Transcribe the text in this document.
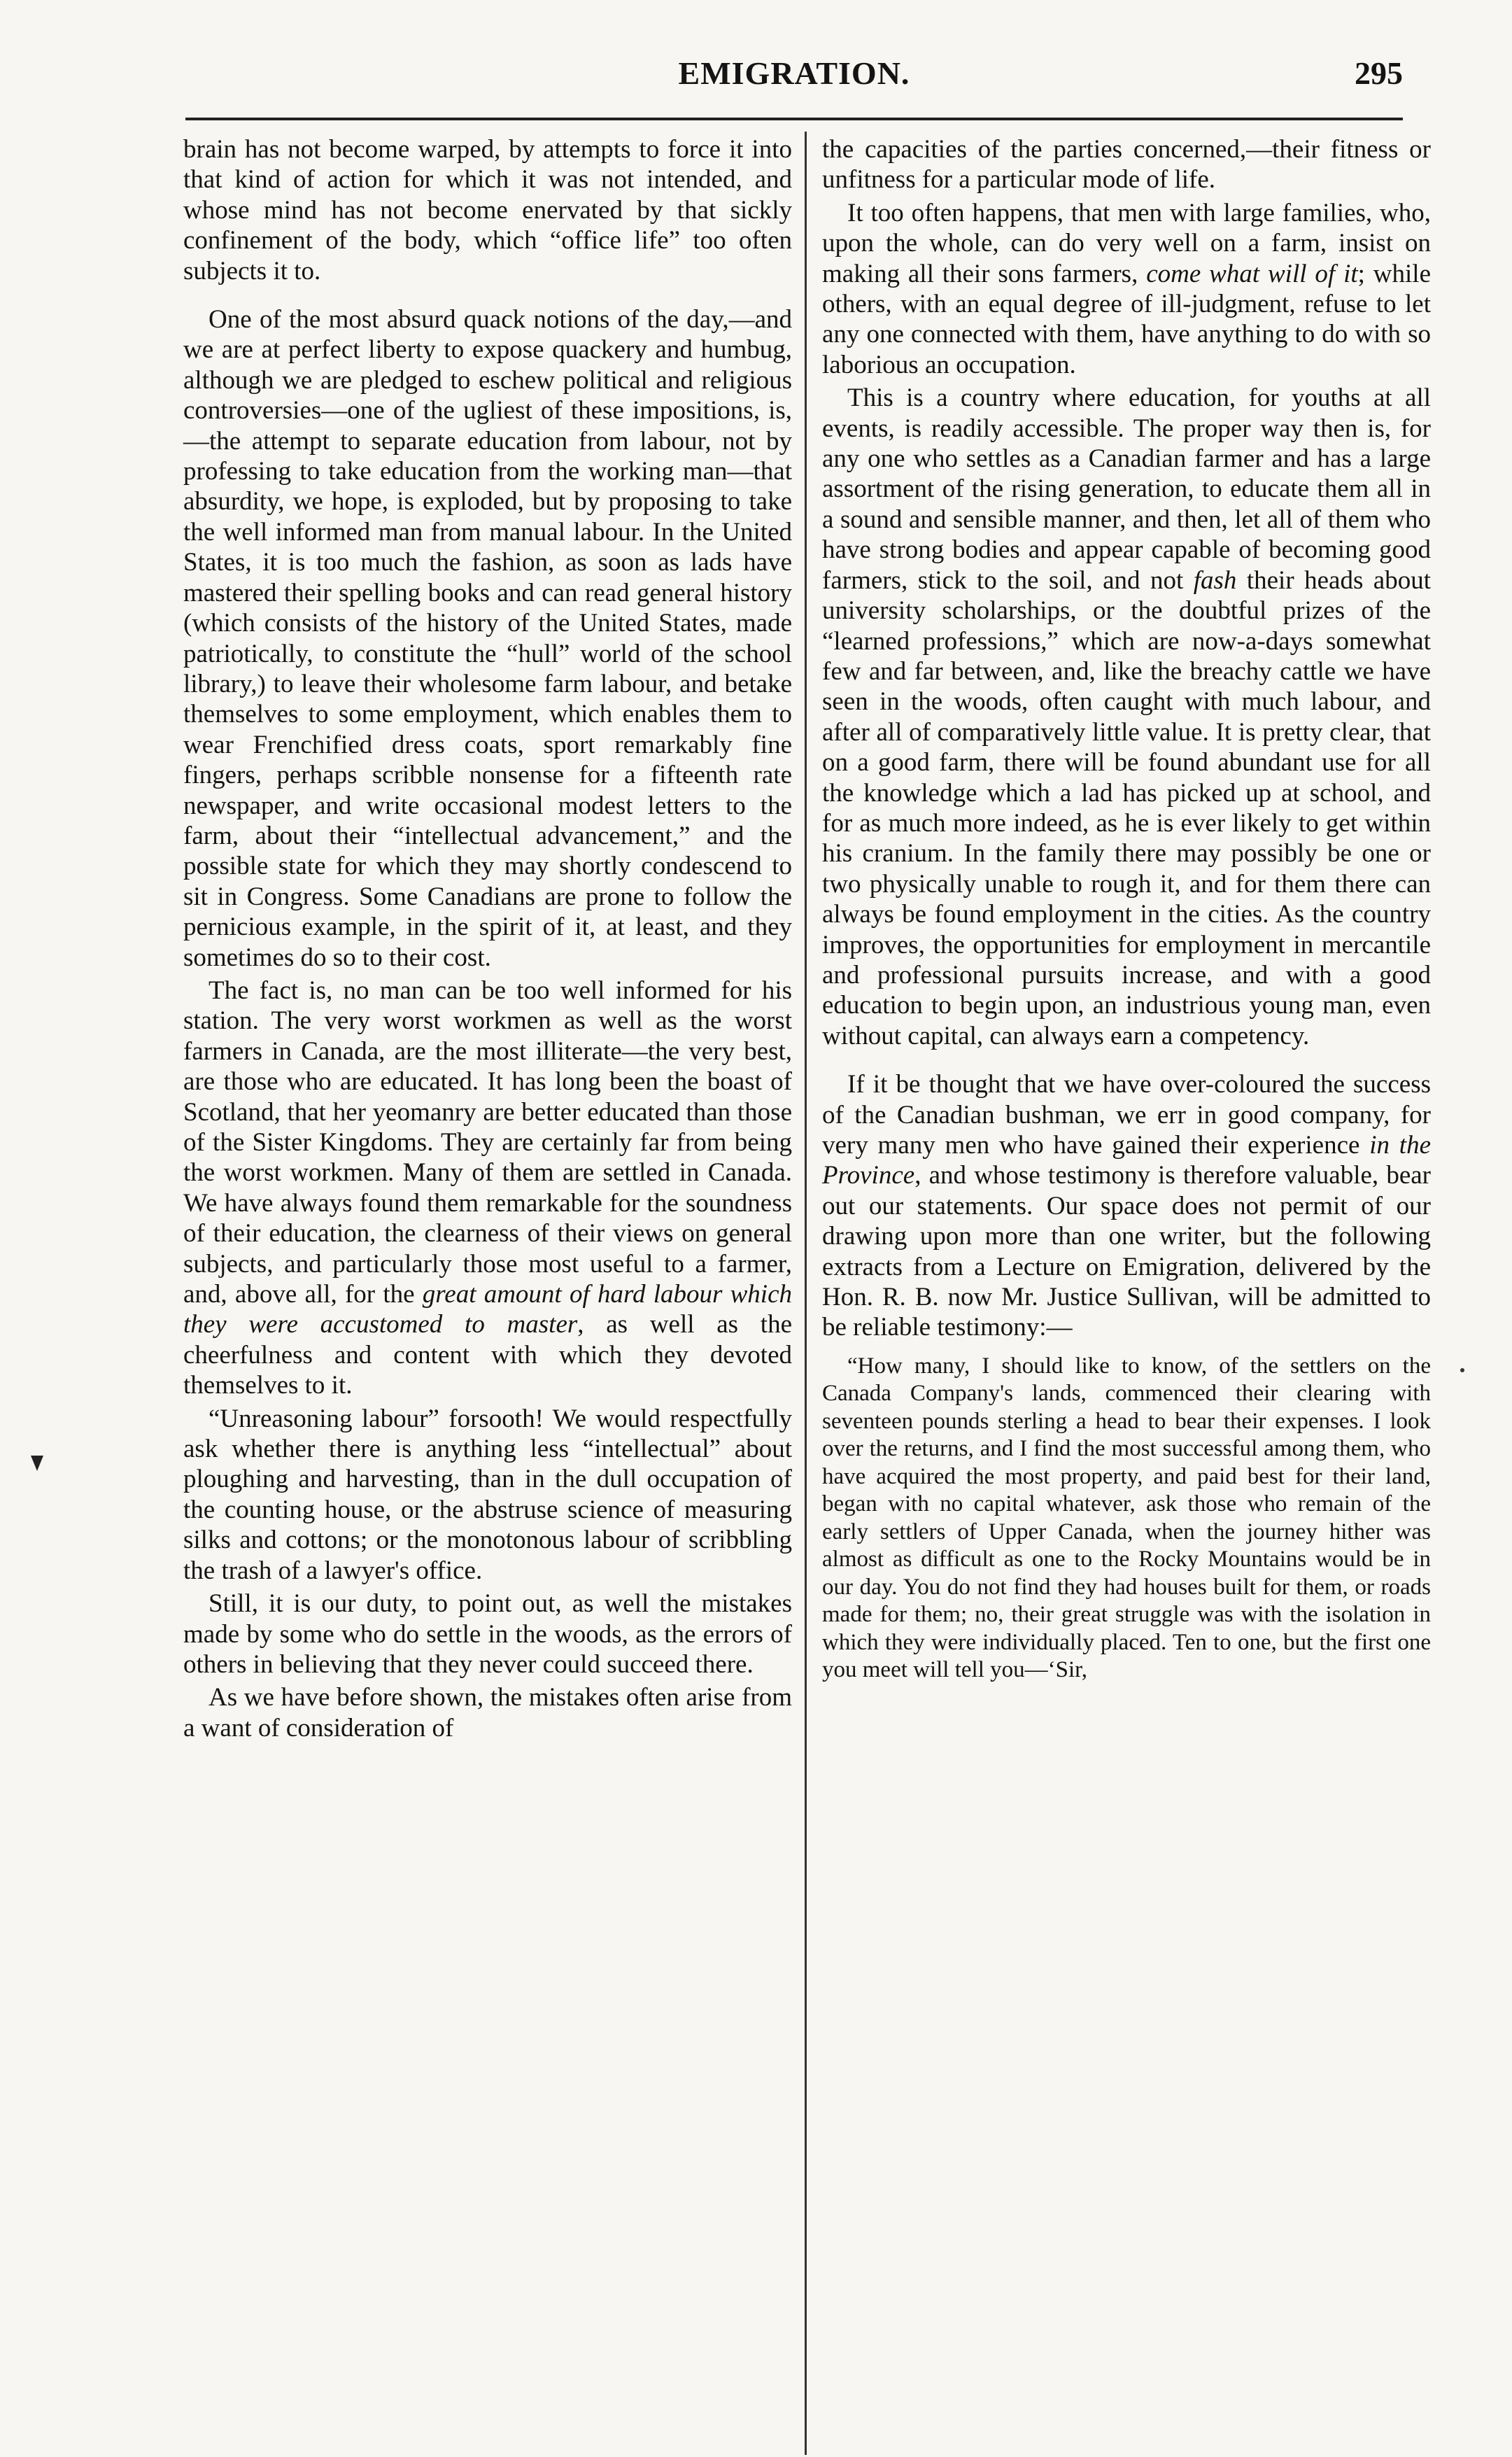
EMIGRATION.	295

brain has not become warped, by attempts to force it into that kind of action for which it was not intended, and whose mind has not become enervated by that sickly confinement of the body, which “office life” too often subjects it to.

One of the most absurd quack notions of the day,—and we are at perfect liberty to expose quackery and humbug, although we are pledged to eschew political and religious controversies—one of the ugliest of these impositions, is,—the attempt to separate education from labour, not by professing to take education from the working man—that absurdity, we hope, is exploded, but by proposing to take the well informed man from manual labour. In the United States, it is too much the fashion, as soon as lads have mastered their spelling books and can read general history (which consists of the history of the United States, made patriotically, to constitute the “hull” world of the school library,) to leave their wholesome farm labour, and betake themselves to some employment, which enables them to wear Frenchified dress coats, sport remarkably fine fingers, perhaps scribble nonsense for a fifteenth rate newspaper, and write occasional modest letters to the farm, about their “intellectual advancement,” and the possible state for which they may shortly condescend to sit in Congress. Some Canadians are prone to follow the pernicious example, in the spirit of it, at least, and they sometimes do so to their cost.

The fact is, no man can be too well informed for his station. The very worst workmen as well as the worst farmers in Canada, are the most illiterate—the very best, are those who are educated. It has long been the boast of Scotland, that her yeomanry are better educated than those of the Sister Kingdoms. They are certainly far from being the worst workmen. Many of them are settled in Canada. We have always found them remarkable for the soundness of their education, the clearness of their views on general subjects, and particularly those most useful to a farmer, and, above all, for the great amount of hard labour which they were accustomed to master, as well as the cheerfulness and content with which they devoted themselves to it.

“Unreasoning labour” forsooth! We would respectfully ask whether there is anything less “intellectual” about ploughing and harvesting, than in the dull occupation of the counting house, or the abstruse science of measuring silks and cottons; or the monotonous labour of scribbling the trash of a lawyer's office.

Still, it is our duty, to point out, as well the mistakes made by some who do settle in the woods, as the errors of others in believing that they never could succeed there.

As we have before shown, the mistakes often arise from a want of consideration of

the capacities of the parties concerned,—their fitness or unfitness for a particular mode of life.

It too often happens, that men with large families, who, upon the whole, can do very well on a farm, insist on making all their sons farmers, come what will of it; while others, with an equal degree of ill-judgment, refuse to let any one connected with them, have anything to do with so laborious an occupation.

This is a country where education, for youths at all events, is readily accessible. The proper way then is, for any one who settles as a Canadian farmer and has a large assortment of the rising generation, to educate them all in a sound and sensible manner, and then, let all of them who have strong bodies and appear capable of becoming good farmers, stick to the soil, and not fash their heads about university scholarships, or the doubtful prizes of the “learned professions,” which are now-a-days somewhat few and far between, and, like the breachy cattle we have seen in the woods, often caught with much labour, and after all of comparatively little value. It is pretty clear, that on a good farm, there will be found abundant use for all the knowledge which a lad has picked up at school, and for as much more indeed, as he is ever likely to get within his cranium. In the family there may possibly be one or two physically unable to rough it, and for them there can always be found employment in the cities. As the country improves, the opportunities for employment in mercantile and professional pursuits increase, and with a good education to begin upon, an industrious young man, even without capital, can always earn a competency.

If it be thought that we have over-coloured the success of the Canadian bushman, we err in good company, for very many men who have gained their experience in the Province, and whose testimony is therefore valuable, bear out our statements. Our space does not permit of our drawing upon more than one writer, but the following extracts from a Lecture on Emigration, delivered by the Hon. R. B. now Mr. Justice Sullivan, will be admitted to be reliable testimony:—

“How many, I should like to know, of the settlers on the Canada Company's lands, commenced their clearing with seventeen pounds sterling a head to bear their expenses. I look over the returns, and I find the most successful among them, who have acquired the most property, and paid best for their land, began with no capital whatever, ask those who remain of the early settlers of Upper Canada, when the journey hither was almost as difficult as one to the Rocky Mountains would be in our day. You do not find they had houses built for them, or roads made for them; no, their great struggle was with the isolation in which they were individually placed. Ten to one, but the first one you meet will tell you—‘Sir,
